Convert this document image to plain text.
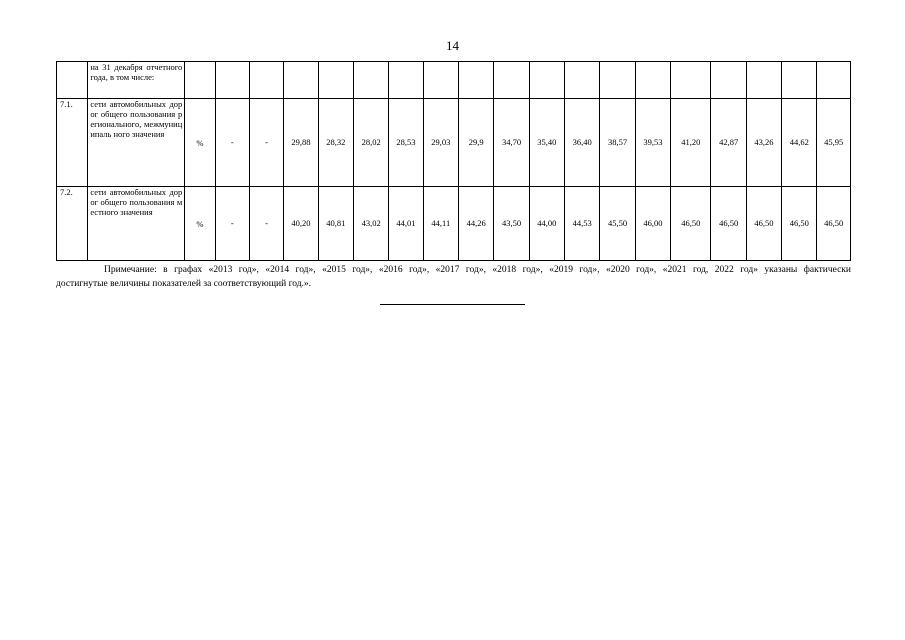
14
	на 31 декабря отчетного года, в том числе:		

7.1.	сети автомобильных дорог общего пользования регионального, межмуниципаль ного значения	%	-	-	29,88	28,32	28,02	28,53	29,03	29,9	34,70	35,40	36,40	38,57	39,53	41,20	42,87	43,26	44,62	45,95

7.2.	сети автомобильных дорог общего пользования местного значения	%	-	-	40,20	40,81	43,02	44,01	44,11	44,26	43,50	44,00	44,53	45,50	46,00	46,50	46,50	46,50	46,50	46,50
Примечание: в графах «2013 год», «2014 год», «2015 год», «2016 год», «2017 год», «2018 год», «2019 год», «2020 год», «2021 год, 2022 год» указаны фактически
достигнутые величины показателей за соответствующий год.».
